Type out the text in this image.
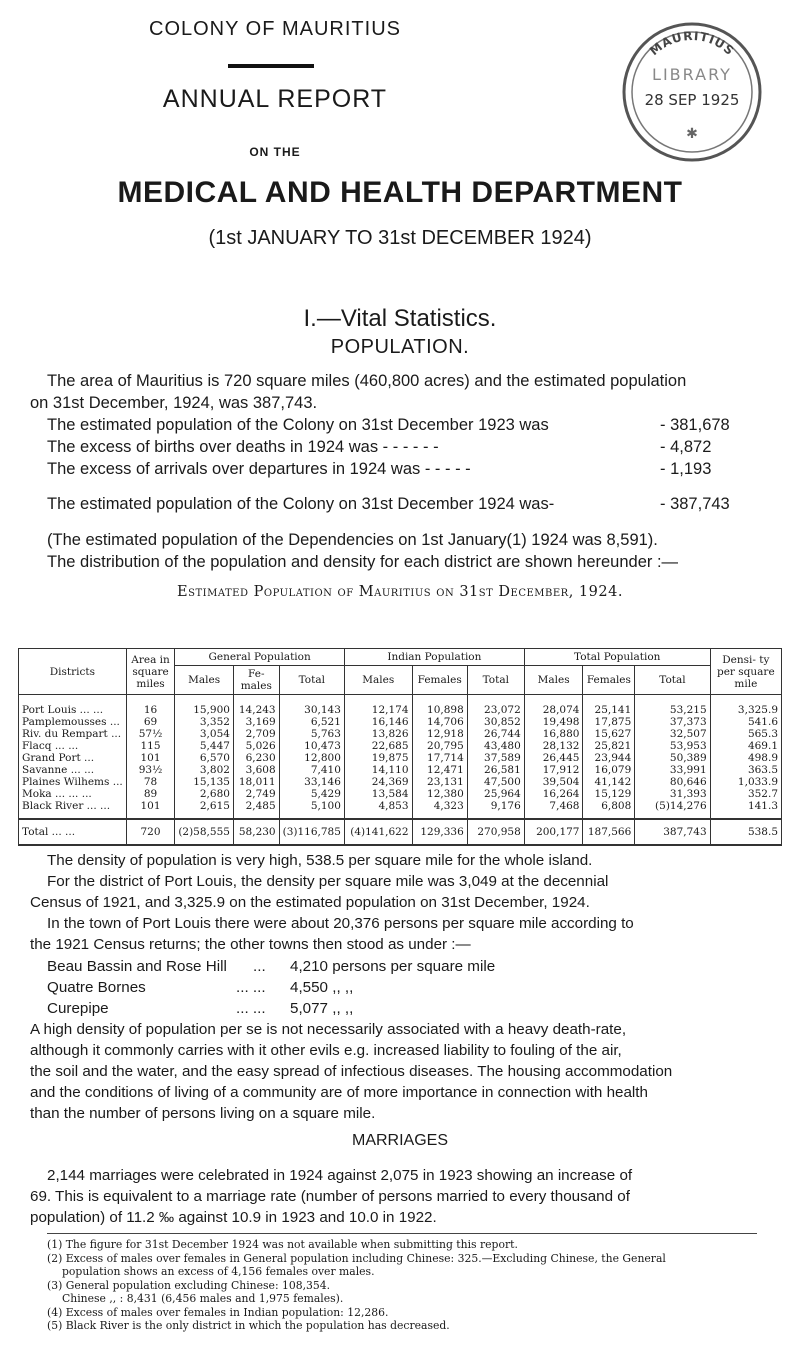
COLONY OF MAURITIUS
ANNUAL REPORT
ON THE
MAURITIUS
LIBRARY
28 SEP 1925
✱
MEDICAL AND HEALTH DEPARTMENT
(1st JANUARY TO 31st DECEMBER 1924)
I.—Vital Statistics.
POPULATION.
The area of Mauritius is 720 square miles (460,800 acres) and the estimated population
on 31st December, 1924, was 387,743.
The estimated population of the Colony on 31st December 1923 was	- 381,678
The excess of births over deaths in 1924 was - - - - - -	- 4,872
The excess of arrivals over departures in 1924 was - - - - -	- 1,193
The estimated population of the Colony on 31st December 1924 was-	- 387,743
(The estimated population of the Dependencies on 1st January(1) 1924 was 8,591).
The distribution of the population and density for each district are shown hereunder :—
Estimated Population of Mauritius on 31st December, 1924.
Districts	Area in square miles	General Population			Indian Population			Total Population			Densi- ty per square mile
		Males	Fe- males	Total	Males	Females	Total	Males	Females	Total	
Port Louis ... ...	16	15,900	14,243	30,143	12,174	10,898	23,072	28,074	25,141	53,215	3,325.9
Pamplemousses ...	69	3,352	3,169	6,521	16,146	14,706	30,852	19,498	17,875	37,373	541.6
Riv. du Rempart ...	57½	3,054	2,709	5,763	13,826	12,918	26,744	16,880	15,627	32,507	565.3
Flacq ... ...	115	5,447	5,026	10,473	22,685	20,795	43,480	28,132	25,821	53,953	469.1
Grand Port ...	101	6,570	6,230	12,800	19,875	17,714	37,589	26,445	23,944	50,389	498.9
Savanne ... ...	93½	3,802	3,608	7,410	14,110	12,471	26,581	17,912	16,079	33,991	363.5
Plaines Wilhems ...	78	15,135	18,011	33,146	24,369	23,131	47,500	39,504	41,142	80,646	1,033.9
Moka ... ... ...	89	2,680	2,749	5,429	13,584	12,380	25,964	16,264	15,129	31,393	352.7
Black River ... ...	101	2,615	2,485	5,100	4,853	4,323	9,176	7,468	6,808	(5)14,276	141.3
Total ... ...	720	(2)58,555	58,230	(3)116,785	(4)141,622	129,336	270,958	200,177	187,566	387,743	538.5
The density of population is very high, 538.5 per square mile for the whole island.
For the district of Port Louis, the density per square mile was 3,049 at the decennial
Census of 1921, and 3,325.9 on the estimated population on 31st December, 1924.
In the town of Port Louis there were about 20,376 persons per square mile according to
the 1921 Census returns; the other towns then stood as under :—
Beau Bassin and Rose Hill ... 4,210 persons per square mile
Quatre Bornes	... ... 4,550 ,, ,,
Curepipe	... ... 5,077 ,, ,,
A high density of population per se is not necessarily associated with a heavy death-rate,
although it commonly carries with it other evils e.g. increased liability to fouling of the air,
the soil and the water, and the easy spread of infectious diseases. The housing accommodation
and the conditions of living of a community are of more importance in connection with health
than the number of persons living on a square mile.
MARRIAGES
2,144 marriages were celebrated in 1924 against 2,075 in 1923 showing an increase of
69. This is equivalent to a marriage rate (number of persons married to every thousand of
population) of 11.2 ‰ against 10.9 in 1923 and 10.0 in 1922.
(1) The figure for 31st December 1924 was not available when submitting this report.
(2) Excess of males over females in General population including Chinese: 325.—Excluding Chinese, the General
population shows an excess of 4,156 females over males.
(3) General population excluding Chinese: 108,354.
Chinese ,, : 8,431 (6,456 males and 1,975 females).
(4) Excess of males over females in Indian population: 12,286.
(5) Black River is the only district in which the population has decreased.
